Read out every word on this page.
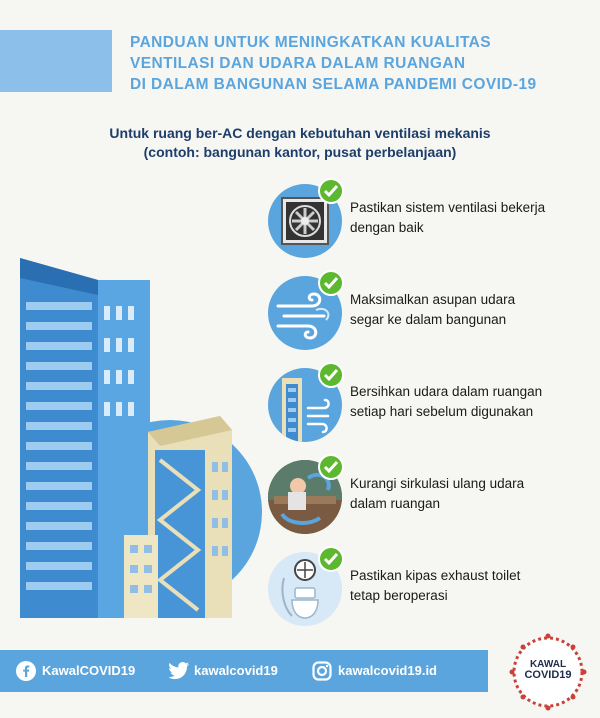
PANDUAN UNTUK MENINGKATKAN KUALITAS
VENTILASI DAN UDARA DALAM RUANGAN
DI DALAM BANGUNAN SELAMA PANDEMI COVID-19
Untuk ruang ber-AC dengan kebutuhan ventilasi mekanis
(contoh: bangunan kantor, pusat perbelanjaan)
Pastikan sistem ventilasi bekerja
dengan baik
Maksimalkan asupan udara
segar ke dalam bangunan
Bersihkan udara dalam ruangan
setiap hari sebelum digunakan
Kurangi sirkulasi ulang udara
dalam ruangan
Pastikan kipas exhaust toilet
tetap beroperasi
KawalCOVID19	kawalcovid19	kawalcovid19.id	KAWAL
COVID19
